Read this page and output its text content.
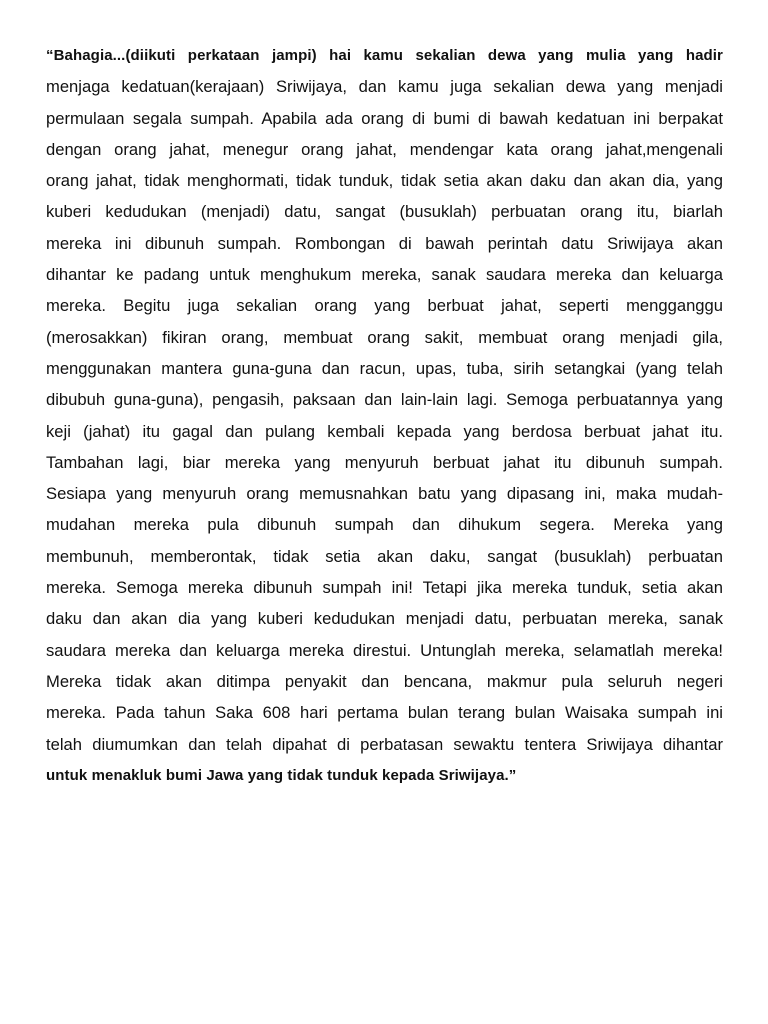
“Bahagia...(diikuti perkataan jampi) hai kamu sekalian dewa yang mulia yang hadir
menjaga kedatuan(kerajaan) Sriwijaya, dan kamu juga sekalian dewa yang menjadi
permulaan segala sumpah. Apabila ada orang di bumi di bawah kedatuan ini berpakat
dengan orang jahat, menegur orang jahat, mendengar kata orang jahat,mengenali
orang jahat, tidak menghormati, tidak tunduk, tidak setia akan daku dan akan dia, yang
kuberi kedudukan (menjadi) datu, sangat (busuklah) perbuatan orang itu, biarlah
mereka ini dibunuh sumpah. Rombongan di bawah perintah datu Sriwijaya akan
dihantar ke padang untuk menghukum mereka, sanak saudara mereka dan keluarga
mereka. Begitu juga sekalian orang yang berbuat jahat, seperti mengganggu
(merosakkan) fikiran orang, membuat orang sakit, membuat orang menjadi gila,
menggunakan mantera guna-guna dan racun, upas, tuba, sirih setangkai (yang telah
dibubuh guna-guna), pengasih, paksaan dan lain-lain lagi. Semoga perbuatannya yang
keji (jahat) itu gagal dan pulang kembali kepada yang berdosa berbuat jahat itu.
Tambahan lagi, biar mereka yang menyuruh berbuat jahat itu dibunuh sumpah.
Sesiapa yang menyuruh orang memusnahkan batu yang dipasang ini, maka mudah-
mudahan mereka pula dibunuh sumpah dan dihukum segera. Mereka yang
membunuh, memberontak, tidak setia akan daku, sangat (busuklah) perbuatan
mereka. Semoga mereka dibunuh sumpah ini! Tetapi jika mereka tunduk, setia akan
daku dan akan dia yang kuberi kedudukan menjadi datu, perbuatan mereka, sanak
saudara mereka dan keluarga mereka direstui. Untunglah mereka, selamatlah mereka!
Mereka tidak akan ditimpa penyakit dan bencana, makmur pula seluruh negeri
mereka. Pada tahun Saka 608 hari pertama bulan terang bulan Waisaka sumpah ini
telah diumumkan dan telah dipahat di perbatasan sewaktu tentera Sriwijaya dihantar
untuk menakluk bumi Jawa yang tidak tunduk kepada Sriwijaya.”
